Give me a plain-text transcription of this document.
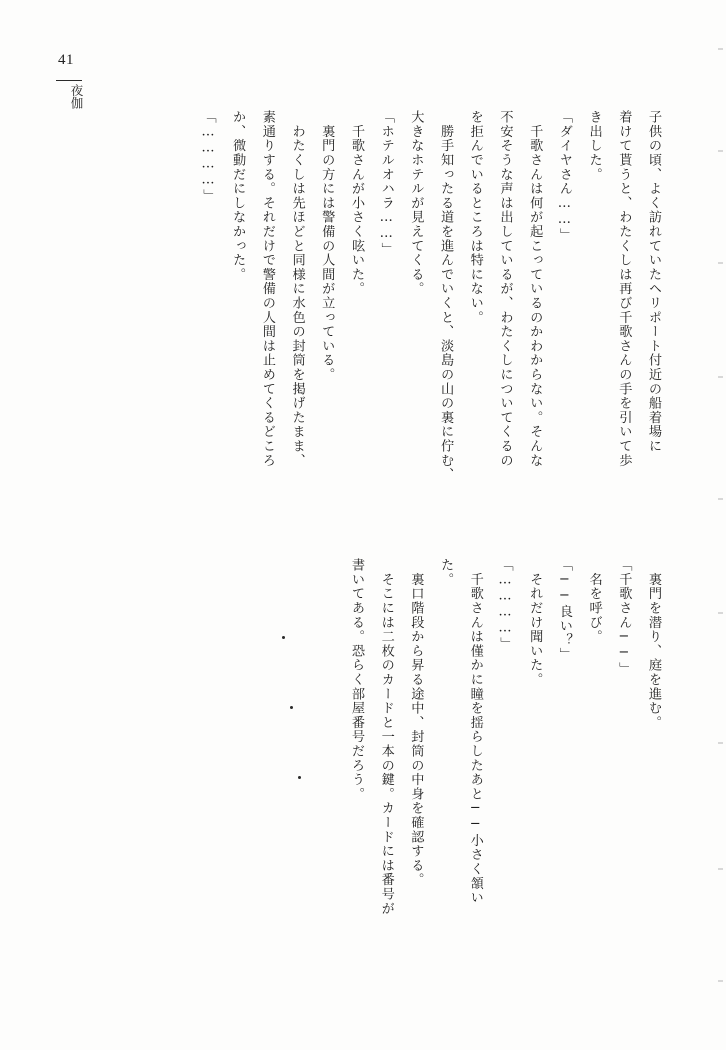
41
夜伽

子供の頃、よく訪れていたヘリポート付近の船着場に

着けて貰うと、わたくしは再び千歌さんの手を引いて歩

き出した。

「ダイヤさん……」

　千歌さんは何が起こっているのかわからない。そんな

不安そうな声は出しているが、わたくしについてくるの

を拒んでいるところは特にない。

　勝手知ったる道を進んでいくと、淡島の山の裏に佇む、

大きなホテルが見えてくる。

「ホテルオハラ……」

　千歌さんが小さく呟いた。

　裏門の方には警備の人間が立っている。

　わたくしは先ほどと同様に水色の封筒を掲げたまま、

素通りする。それだけで警備の人間は止めてくるどころ

か、微動だにしなかった。

「…………」

　裏門を潜り、庭を進む。

「千歌さん──」

　名を呼び。

「──良い？」

　それだけ聞いた。

「…………」

　千歌さんは僅かに瞳を揺らしたあと──小さく頷い

た。

　裏口階段から昇る途中、封筒の中身を確認する。

　そこには二枚のカードと一本の鍵。カードには番号が

書いてある。恐らく部屋番号だろう。
